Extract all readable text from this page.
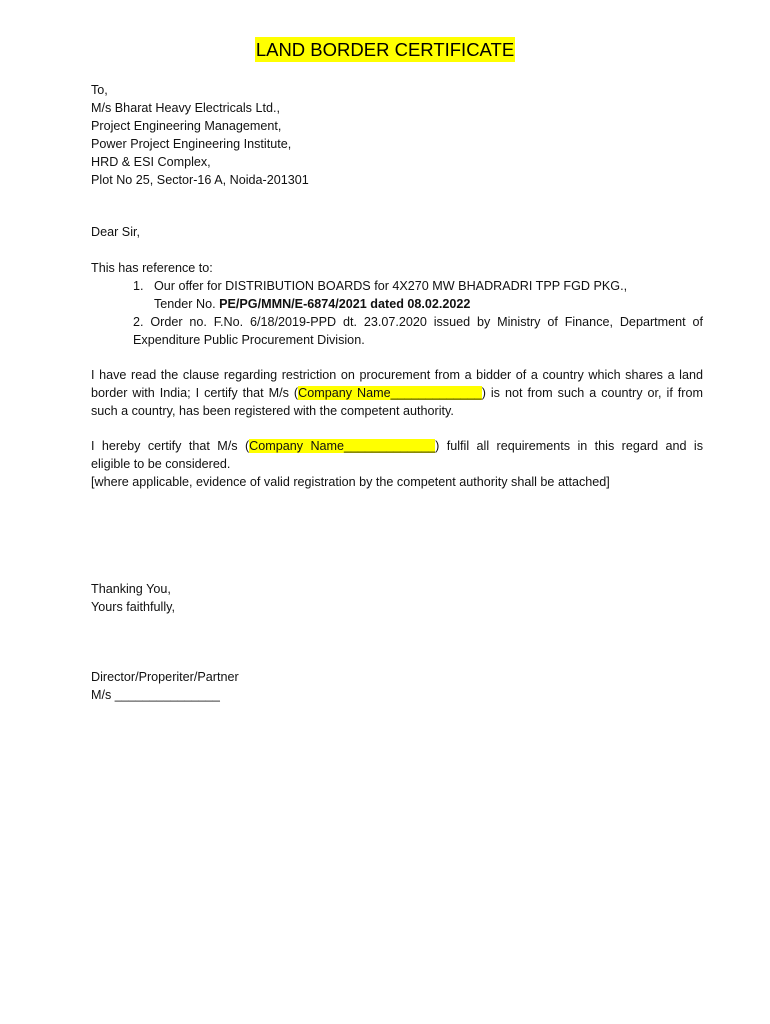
LAND BORDER CERTIFICATE
To,
M/s Bharat Heavy Electricals Ltd.,
Project Engineering Management,
Power Project Engineering Institute,
HRD & ESI Complex,
Plot No 25, Sector-16 A, Noida-201301
Dear Sir,
This has reference to:
1. Our offer for DISTRIBUTION BOARDS for 4X270 MW BHADRADRI TPP FGD PKG.,
Tender No. PE/PG/MMN/E-6874/2021 dated 08.02.2022
2. Order no. F.No. 6/18/2019-PPD dt. 23.07.2020 issued by Ministry of Finance, Department of
Expenditure Public Procurement Division.
I have read the clause regarding restriction on procurement from a bidder of a country which shares a land
border with India; I certify that M/s (Company Name_____________) is not from such a country or, if from
such a country, has been registered with the competent authority.
I hereby certify that M/s (Company Name_____________) fulfil all requirements in this regard and is
eligible to be considered.
[where applicable, evidence of valid registration by the competent authority shall be attached]
Thanking You,
Yours faithfully,
Director/Properiter/Partner
M/s _______________
